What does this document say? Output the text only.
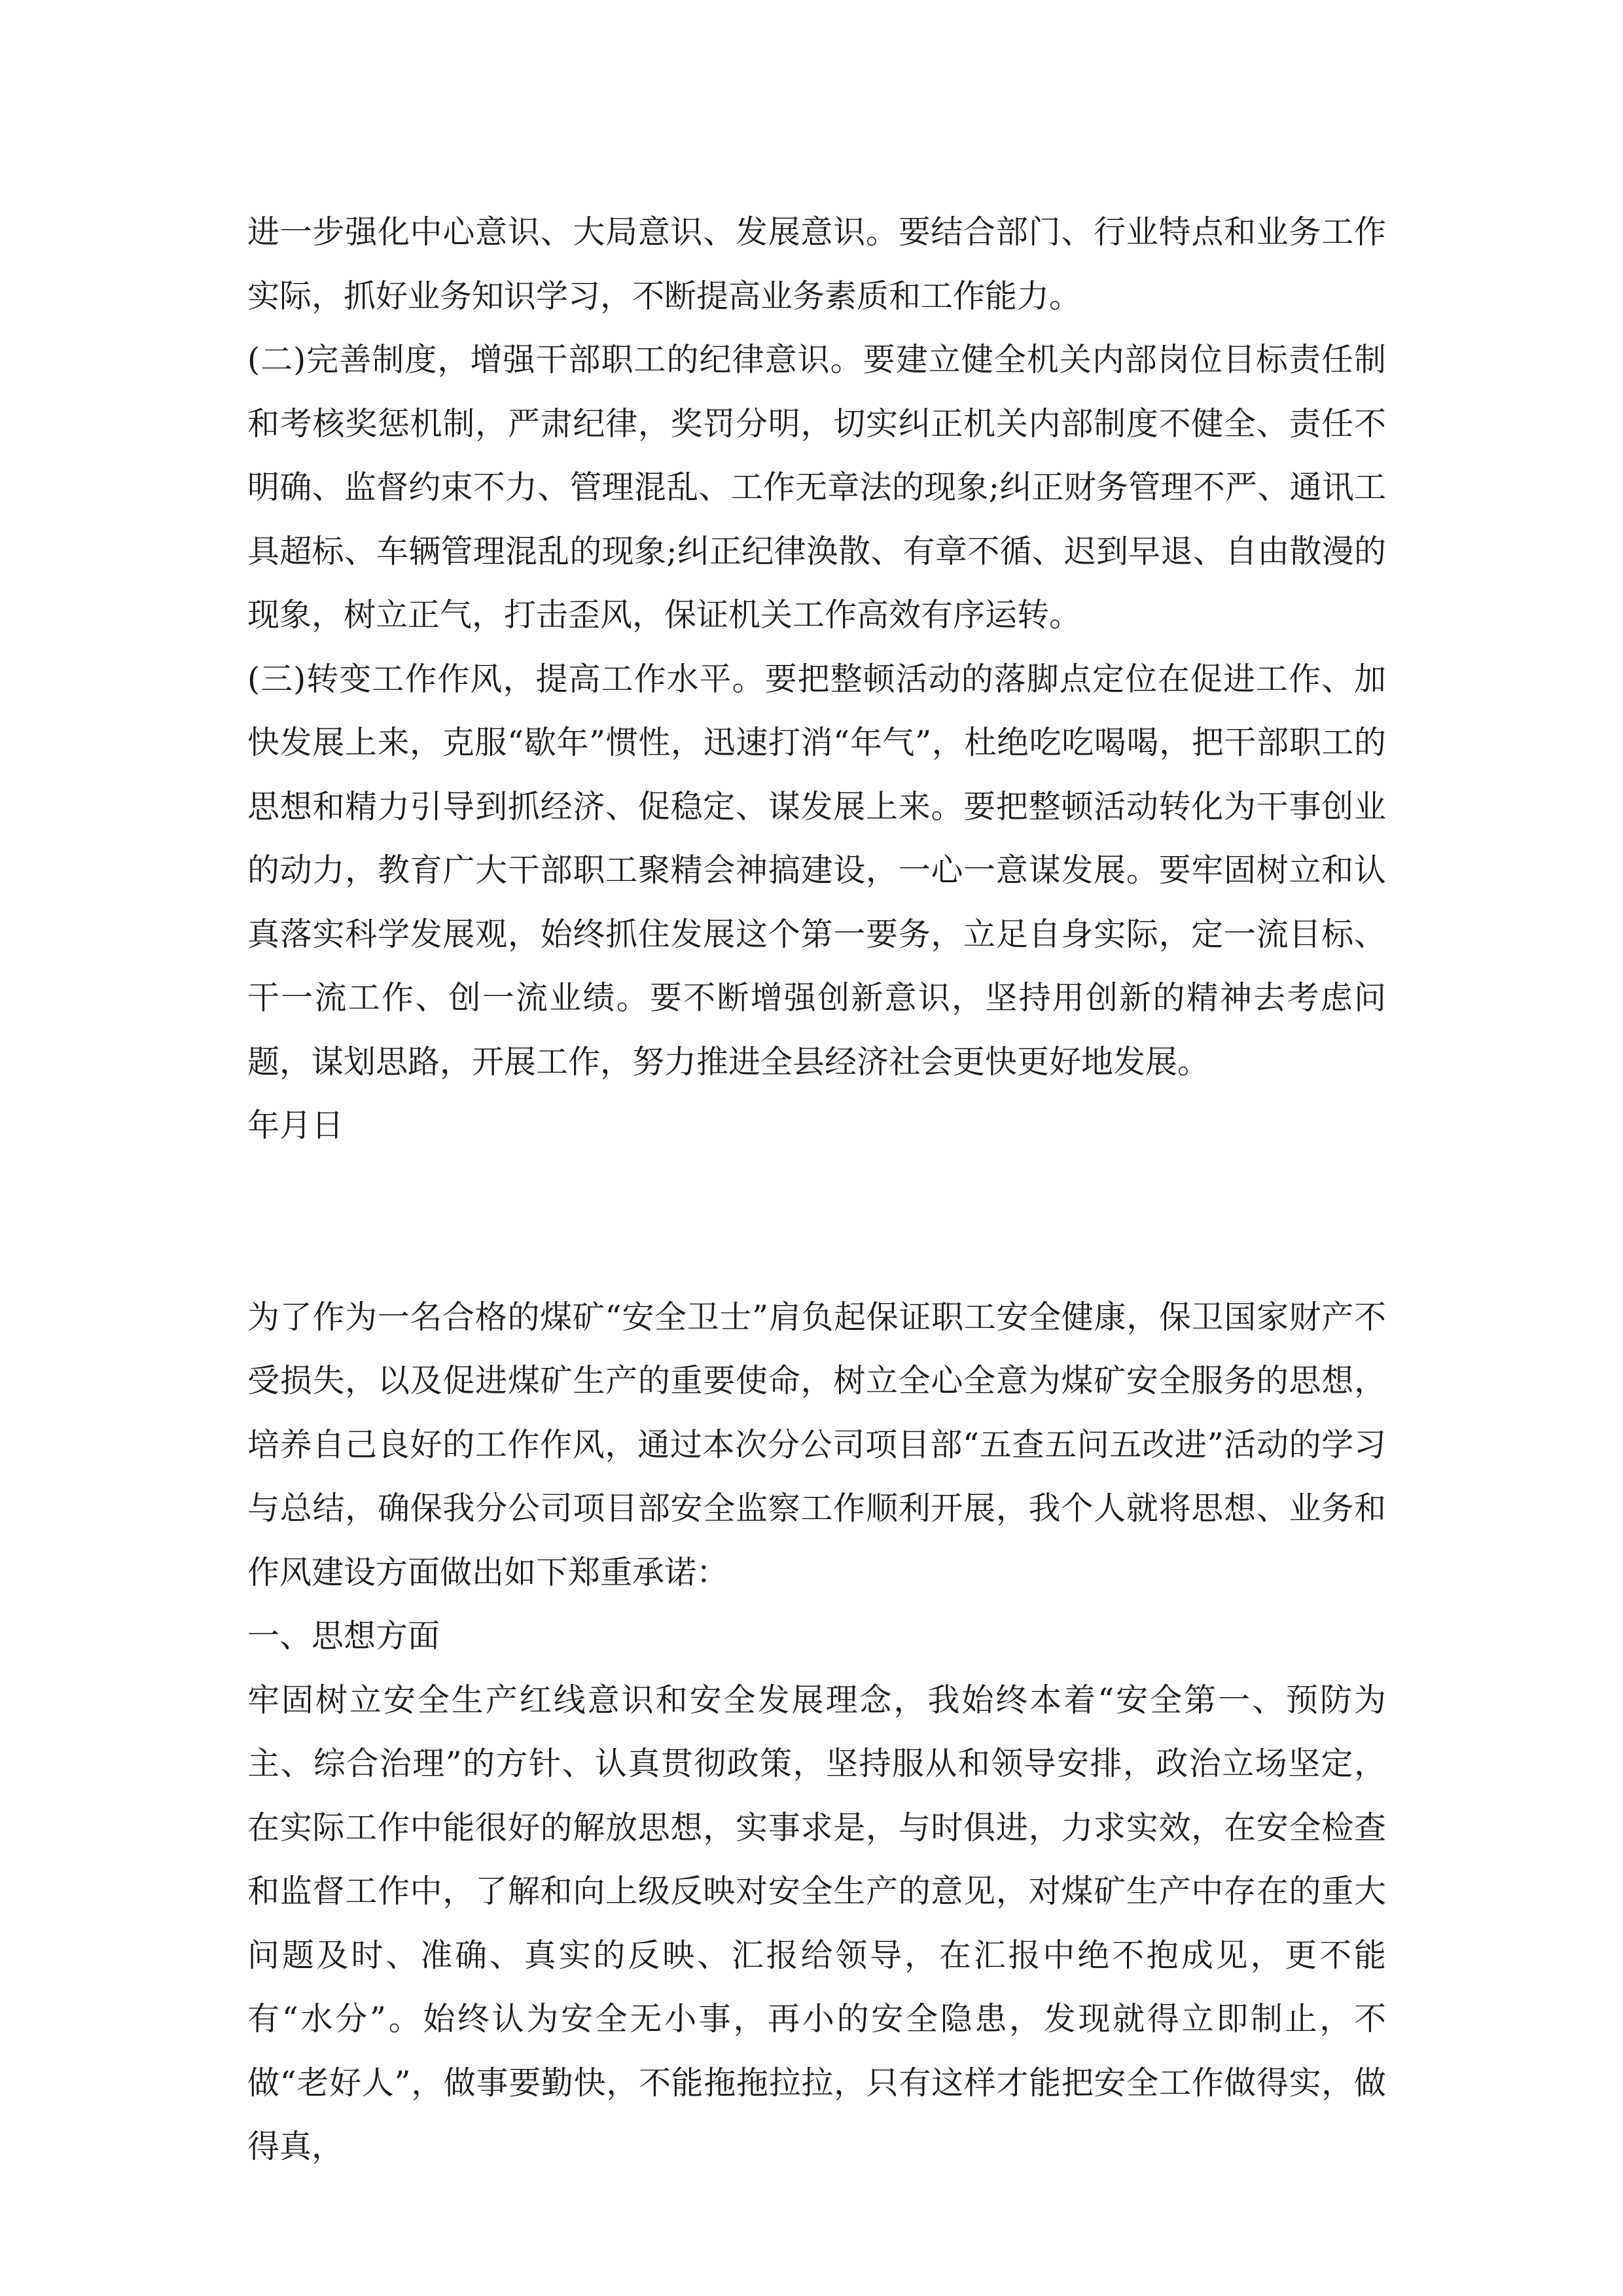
进一步强化中心意识、大局意识、发展意识。要结合部门、行业特点和业务工作实际，抓好业务知识学习，不断提高业务素质和工作能力。

(二)完善制度，增强干部职工的纪律意识。要建立健全机关内部岗位目标责任制和考核奖惩机制，严肃纪律，奖罚分明，切实纠正机关内部制度不健全、责任不明确、监督约束不力、管理混乱、工作无章法的现象;纠正财务管理不严、通讯工具超标、车辆管理混乱的现象;纠正纪律涣散、有章不循、迟到早退、自由散漫的现象，树立正气，打击歪风，保证机关工作高效有序运转。

(三)转变工作作风，提高工作水平。要把整顿活动的落脚点定位在促进工作、加快发展上来，克服“歇年”惯性，迅速打消“年气”，杜绝吃吃喝喝，把干部职工的思想和精力引导到抓经济、促稳定、谋发展上来。要把整顿活动转化为干事创业的动力，教育广大干部职工聚精会神搞建设，一心一意谋发展。要牢固树立和认真落实科学发展观，始终抓住发展这个第一要务，立足自身实际，定一流目标、干一流工作、创一流业绩。要不断增强创新意识，坚持用创新的精神去考虑问题，谋划思路，开展工作，努力推进全县经济社会更快更好地发展。

年月日

为了作为一名合格的煤矿“安全卫士”肩负起保证职工安全健康，保卫国家财产不受损失，以及促进煤矿生产的重要使命，树立全心全意为煤矿安全服务的思想，培养自己良好的工作作风，通过本次分公司项目部“五查五问五改进”活动的学习与总结，确保我分公司项目部安全监察工作顺利开展，我个人就将思想、业务和作风建设方面做出如下郑重承诺：

一、思想方面

牢固树立安全生产红线意识和安全发展理念，我始终本着“安全第一、预防为主、综合治理”的方针、认真贯彻政策，坚持服从和领导安排，政治立场坚定，在实际工作中能很好的解放思想，实事求是，与时俱进，力求实效，在安全检查和监督工作中，了解和向上级反映对安全生产的意见，对煤矿生产中存在的重大问题及时、准确、真实的反映、汇报给领导，在汇报中绝不抱成见，更不能有“水分”。始终认为安全无小事，再小的安全隐患，发现就得立即制止，不做“老好人”，做事要勤快，不能拖拖拉拉，只有这样才能把安全工作做得实，做得真，
